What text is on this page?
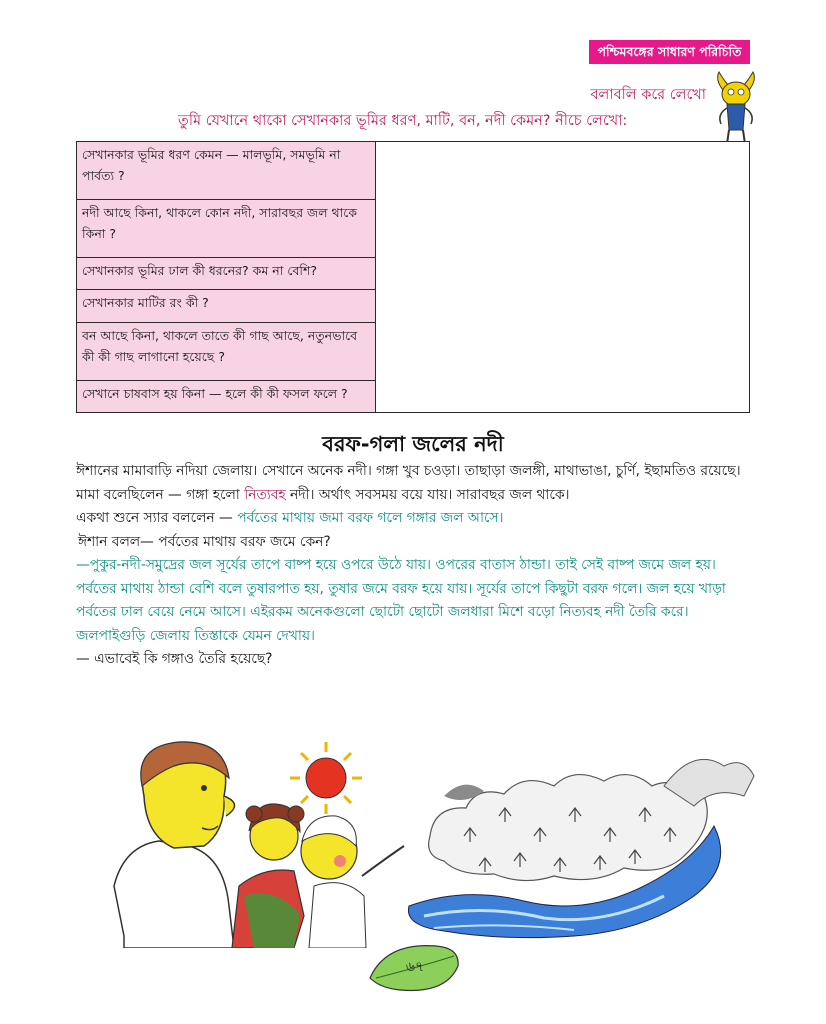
পশ্চিমবঙ্গের সাধারণ পরিচিতি
বলাবলি করে লেখো
তুমি যেখানে থাকো সেখানকার ভূমির ধরণ, মাটি, বন, নদী কেমন? নীচে লেখো:
সেখানকার ভূমির ধরণ কেমন — মালভূমি, সমভূমি না পার্বত্য ?	
নদী আছে কিনা, থাকলে কোন নদী, সারাবছর জল থাকে কিনা ?
সেখানকার ভূমির ঢাল কী ধরনের? কম না বেশি?
সেখানকার মাটির রং কী ?
বন আছে কিনা, থাকলে তাতে কী গাছ আছে, নতুনভাবে কী কী গাছ লাগানো হয়েছে ?
সেখানে চাষবাস হয় কিনা — হলে কী কী ফসল ফলে ?
বরফ-গলা জলের নদী

ঈশানের মামাবাড়ি নদিয়া জেলায়। সেখানে অনেক নদী। গঙ্গা খুব চওড়া। তাছাড়া জলঙ্গী, মাথাভাঙা, চুর্ণি, ইছামতিও রয়েছে।

মামা বলেছিলেন — গঙ্গা হলো নিত্যবহ নদী। অর্থাৎ সবসময় বয়ে যায়। সারাবছর জল থাকে।

একথা শুনে স্যার বললেন — পর্বতের মাথায় জমা বরফ গলে গঙ্গার জল আসে।

ঈশান বলল— পর্বতের মাথায় বরফ জমে কেন?

—পুকুর-নদী-সমুদ্রের জল সূর্যের তাপে বাষ্প হয়ে ওপরে উঠে যায়। ওপরের বাতাস ঠান্ডা। তাই সেই বাষ্প জমে জল হয়। পর্বতের মাথায় ঠান্ডা বেশি বলে তুষারপাত হয়, তুষার জমে বরফ হয়ে যায়। সূর্যের তাপে কিছুটা বরফ গলে। জল হয়ে খাড়া পর্বতের ঢাল বেয়ে নেমে আসে। এইরকম অনেকগুলো ছোটো ছোটো জলধারা মিশে বড়ো নিত্যবহ নদী তৈরি করে। জলপাইগুড়ি জেলায় তিস্তাকে যেমন দেখায়।

— এভাবেই কি গঙ্গাও তৈরি হয়েছে?

৬৭
